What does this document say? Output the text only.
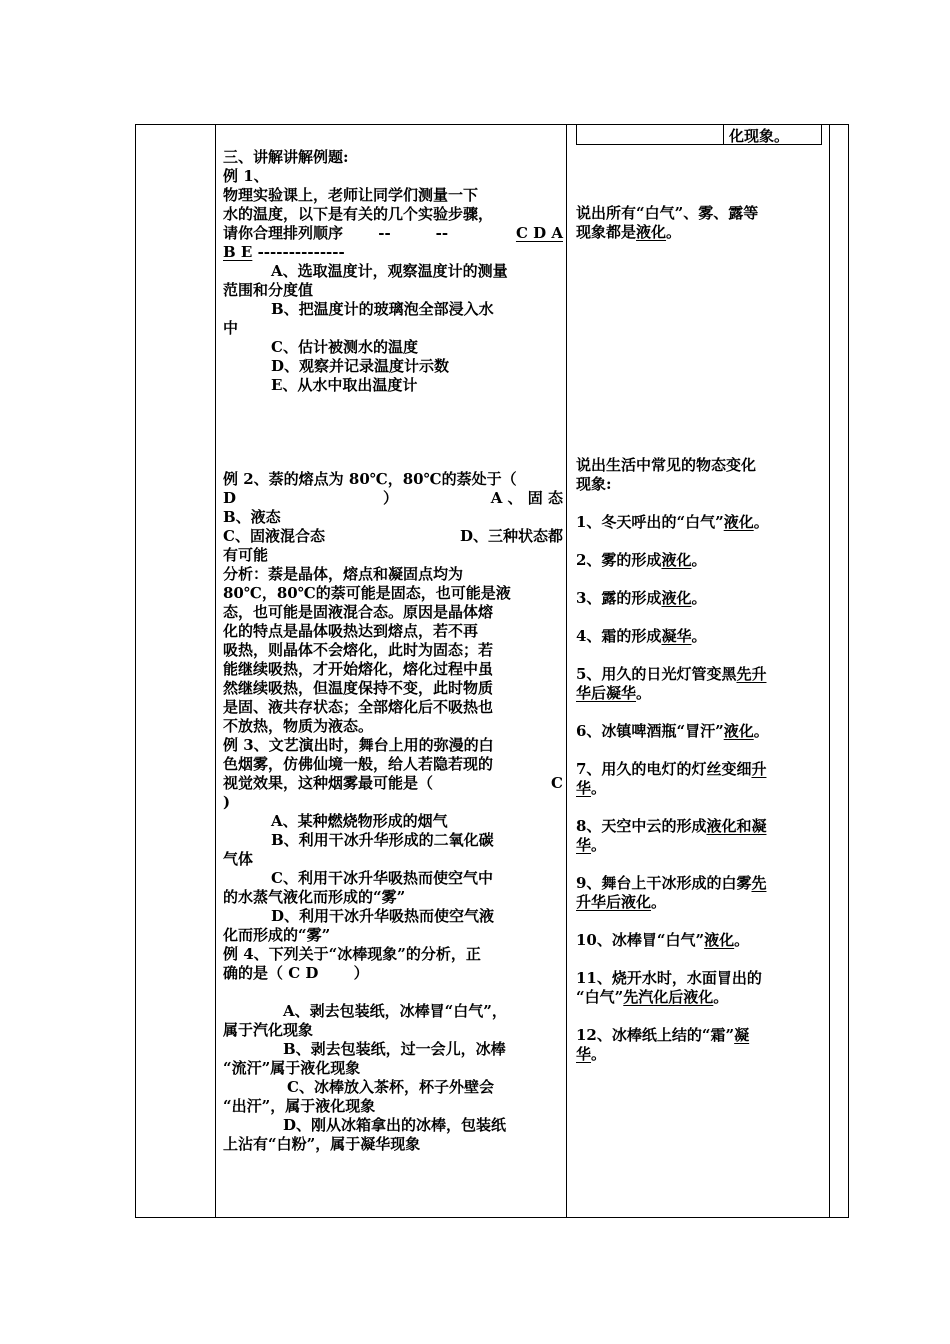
化现象。

三、讲解讲解例题:

例 1、

物理实验课上，老师让同学们测量一下

水的温度，以下是有关的几个实验步骤，

请你合理排列顺序　　 --　　　--	C D A

B E --------------

A、选取温度计，观察温度计的测量

范围和分度值

B、把温度计的玻璃泡全部浸入水

中

C、估计被测水的温度

D、观察并记录温度计示数

E、从水中取出温度计

例 2、萘的熔点为 80℃，80℃的萘处于（

D	）	A 、 固 态

B、液态

C、固液混合态	D、三种状态都

有可能

分析：萘是晶体，熔点和凝固点均为

80℃，80℃的萘可能是固态，也可能是液

态，也可能是固液混合态。原因是晶体熔

化的特点是晶体吸热达到熔点，若不再

吸热，则晶体不会熔化，此时为固态；若

能继续吸热，才开始熔化，熔化过程中虽

然继续吸热，但温度保持不变，此时物质

是固、液共存状态；全部熔化后不吸热也

不放热，物质为液态。

例 3、文艺演出时，舞台上用的弥漫的白

色烟雾，仿佛仙境一般，给人若隐若现的

视觉效果，这种烟雾最可能是（	C

)

A、某种燃烧物形成的烟气

B、利用干冰升华形成的二氧化碳

气体

C、利用干冰升华吸热而使空气中

的水蒸气液化而形成的“雾”

D、利用干冰升华吸热而使空气液

化而形成的“雾”

例 4、下列关于“冰棒现象”的分析，正

确的是（ C D　　 ）

A、剥去包装纸，冰棒冒“白气”，

属于汽化现象

B、剥去包装纸，过一会儿，冰棒

“流汗”属于液化现象

C、冰棒放入茶杯，杯子外壁会

“出汗”，属于液化现象

D、刚从冰箱拿出的冰棒，包装纸

上沾有“白粉”，属于凝华现象

说出所有“白气”、雾、露等

现象都是液化。

说出生活中常见的物态变化

现象:

1、冬天呼出的“白气”液化。

2、雾的形成液化。

3、露的形成液化。

4、霜的形成凝华。

5、用久的日光灯管变黑先升
华后凝华。

6、冰镇啤酒瓶“冒汗”液化。

7、用久的电灯的灯丝变细升
华。

8、天空中云的形成液化和凝
华。

9、舞台上干冰形成的白雾先
升华后液化。

10、冰棒冒“白气”液化。

11、烧开水时，水面冒出的
“白气”先汽化后液化。

12、冰棒纸上结的“霜”凝
华。
